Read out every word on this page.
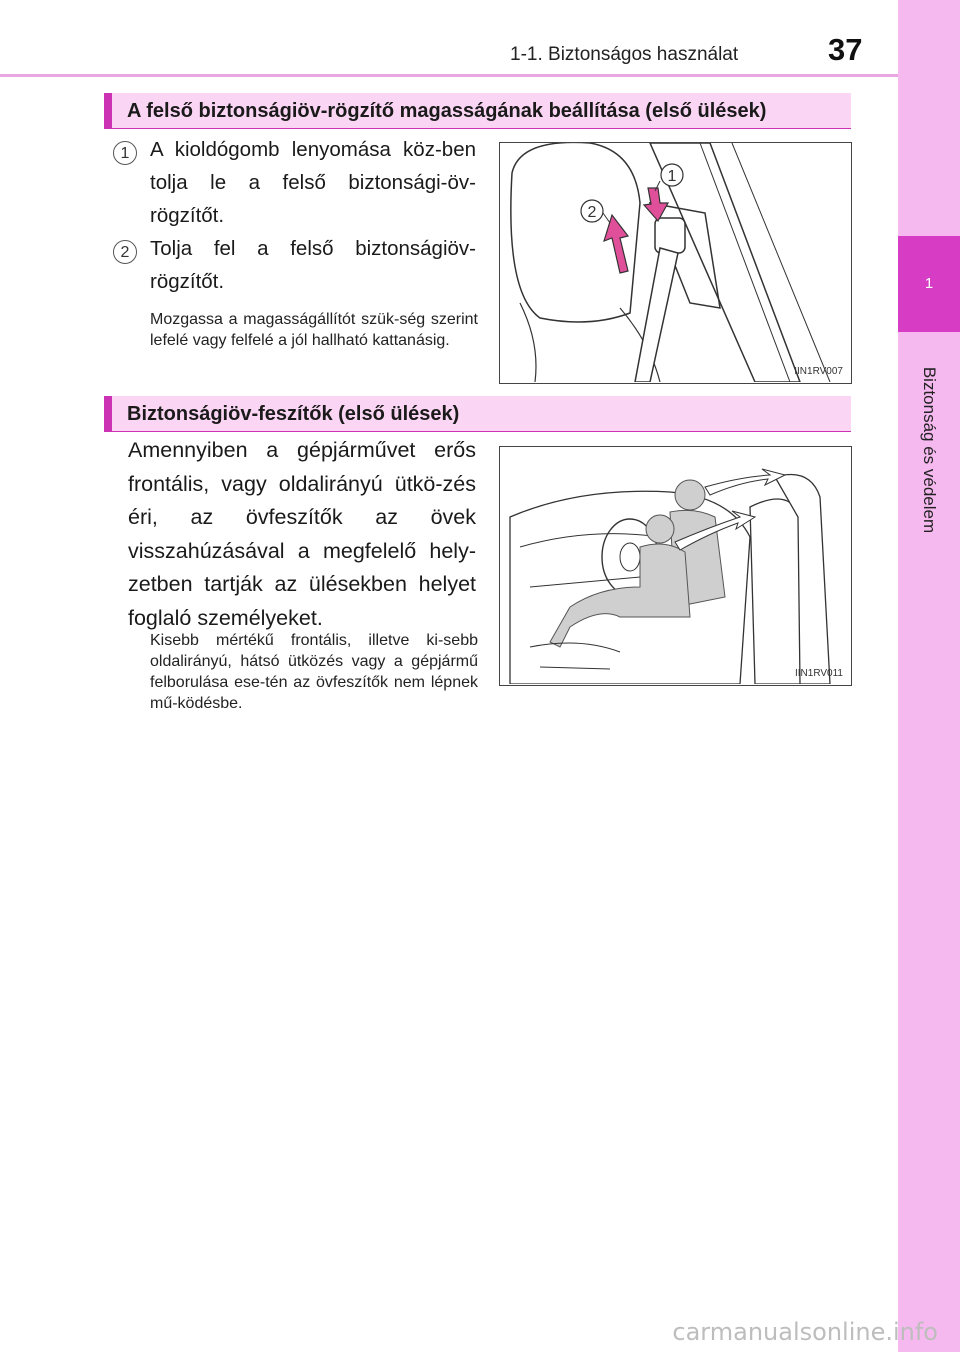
1-1. Biztonságos használat	37
1
Biztonság és védelem
A felső biztonságiöv-rögzítő magasságának beállítása (első ülések)
1	A kioldógomb lenyomása köz-ben tolja le a felső biztonsági-öv-rögzítőt.
2	Tolja fel a felső biztonságiöv-rögzítőt.
Mozgassa a magasságállítót szük-ség szerint lefelé vagy felfelé a jól hallható kattanásig.
1
2
IIN1RV007
Biztonságiöv-feszítők (első ülések)
Amennyiben a gépjárművet erős frontális, vagy oldalirányú ütkö-zés éri, az övfeszítők az övek visszahúzásával a megfelelő hely-zetben tartják az ülésekben helyet foglaló személyeket.
Kisebb mértékű frontális, illetve ki-sebb oldalirányú, hátsó ütközés vagy a gépjármű felborulása ese-tén az övfeszítők nem lépnek mű-ködésbe.
IIN1RV011
carmanualsonline.info
